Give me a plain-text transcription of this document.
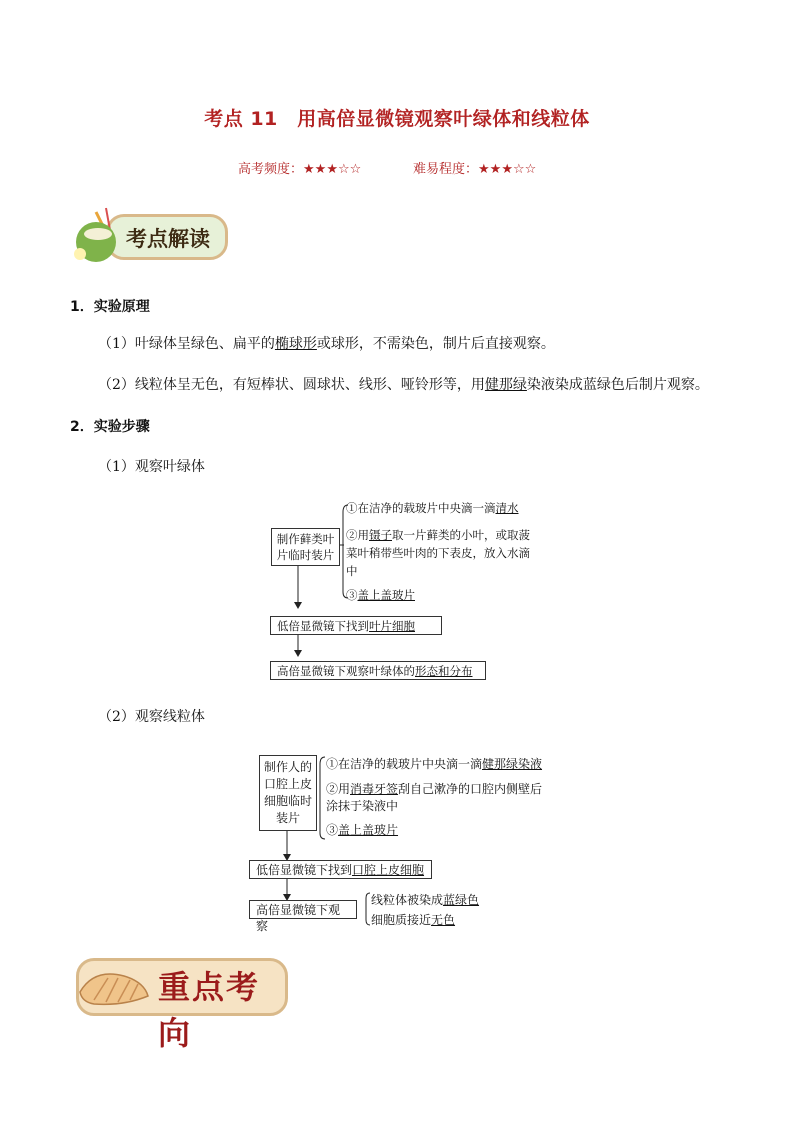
考点 11　用高倍显微镜观察叶绿体和线粒体
高考频度：★★★☆☆	难易程度：★★★☆☆
考点解读
1．实验原理
（1）叶绿体呈绿色、扁平的椭球形或球形，不需染色，制片后直接观察。
（2）线粒体呈无色，有短棒状、圆球状、线形、哑铃形等，用健那绿染液染成蓝绿色后制片观察。
2．实验步骤
（1）观察叶绿体
制作藓类叶片临时装片
①在洁净的载玻片中央滴一滴清水
②用镊子取一片藓类的小叶，或取菠菜叶稍带些叶肉的下表皮，放入水滴中
③盖上盖玻片
低倍显微镜下找到叶片细胞
高倍显微镜下观察叶绿体的形态和分布
（2）观察线粒体
制作人的口腔上皮细胞临时装片
①在洁净的载玻片中央滴一滴健那绿染液
②用消毒牙签刮自己漱净的口腔内侧壁后涂抹于染液中
③盖上盖玻片
低倍显微镜下找到口腔上皮细胞
高倍显微镜下观察
线粒体被染成蓝绿色
细胞质接近无色
重点考向
